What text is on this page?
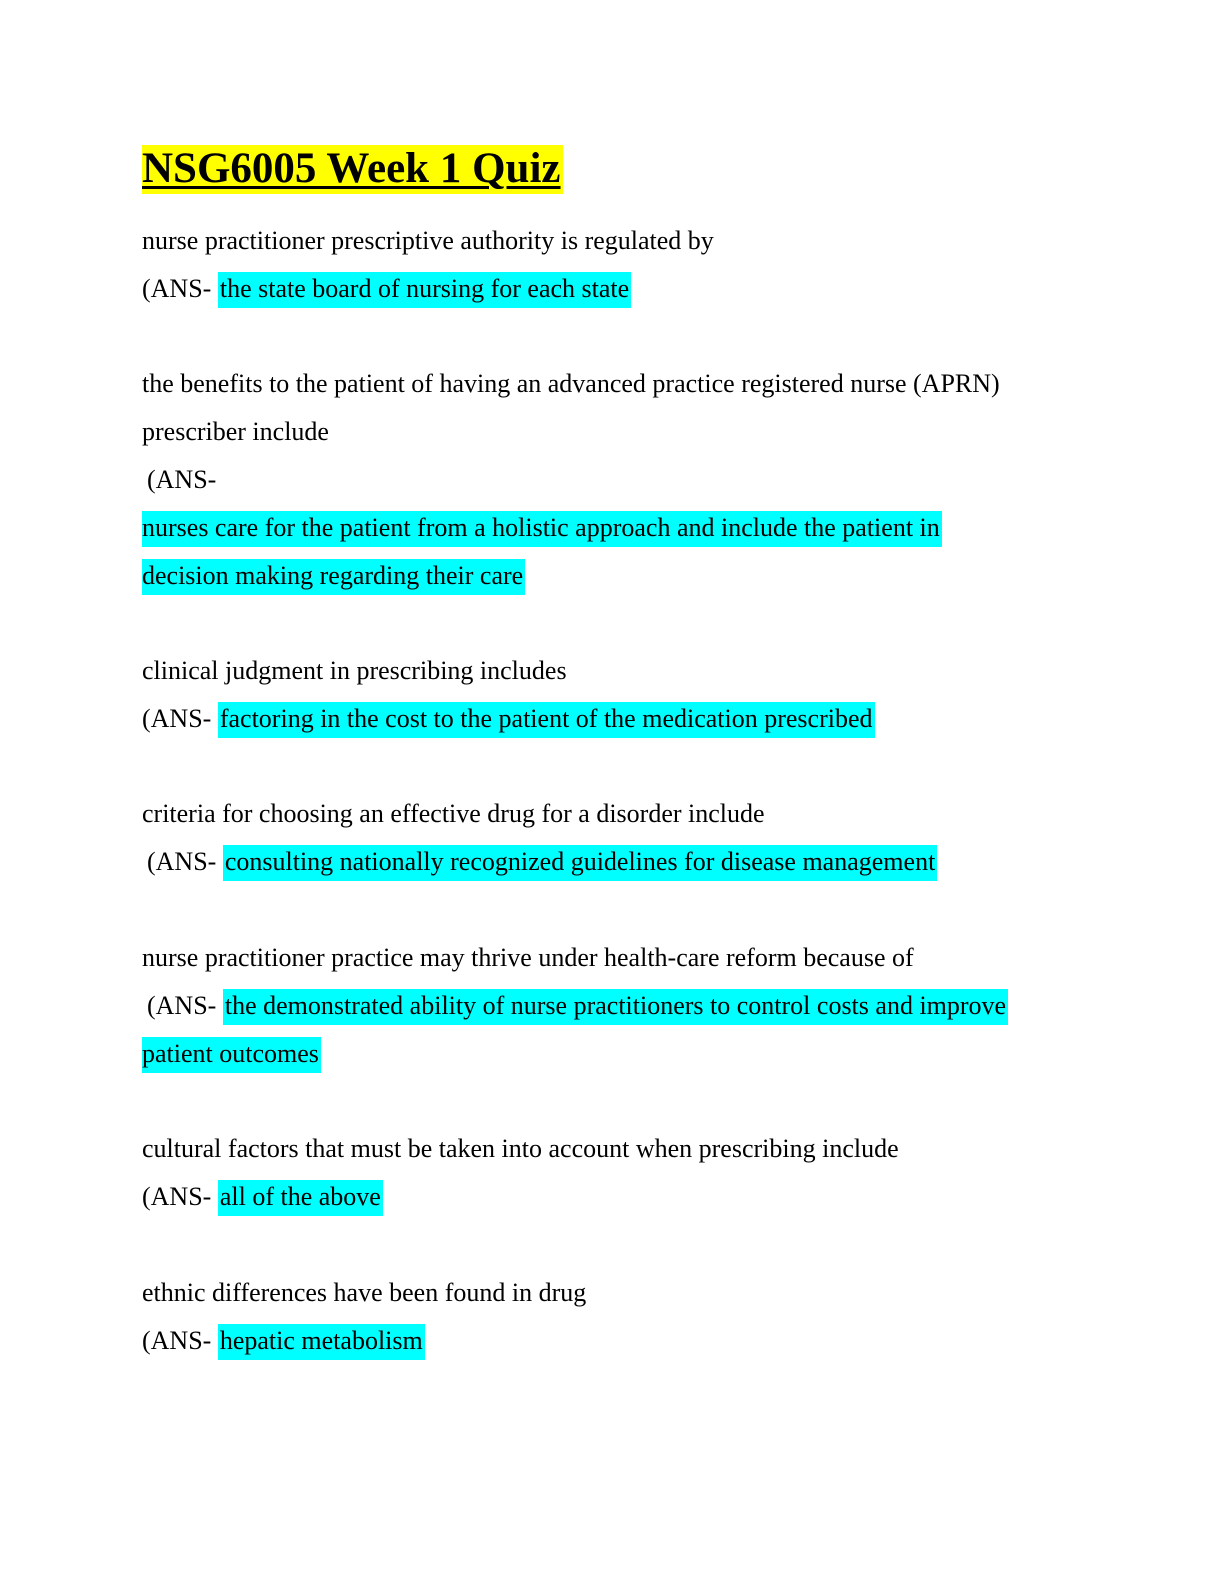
NSG6005 Week 1 Quiz
nurse practitioner prescriptive authority is regulated by
(ANS- the state board of nursing for each state
the benefits to the patient of having an advanced practice registered nurse (APRN)
prescriber include
(ANS-
nurses care for the patient from a holistic approach and include the patient in
decision making regarding their care
clinical judgment in prescribing includes
(ANS- factoring in the cost to the patient of the medication prescribed
criteria for choosing an effective drug for a disorder include
(ANS- consulting nationally recognized guidelines for disease management
nurse practitioner practice may thrive under health-care reform because of
(ANS- the demonstrated ability of nurse practitioners to control costs and improve
patient outcomes
cultural factors that must be taken into account when prescribing include
(ANS- all of the above
ethnic differences have been found in drug
(ANS- hepatic metabolism
